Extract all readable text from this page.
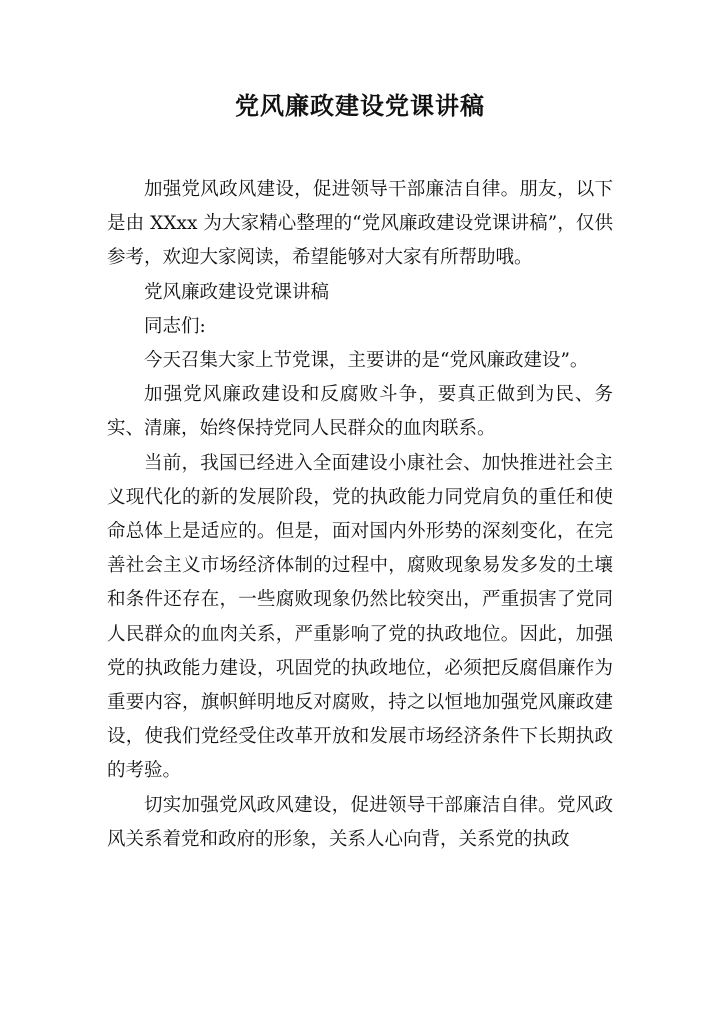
党风廉政建设党课讲稿

加强党风政风建设，促进领导干部廉洁自律。朋友，以下是由 XXxx 为大家精心整理的“党风廉政建设党课讲稿”，仅供参考，欢迎大家阅读，希望能够对大家有所帮助哦。

党风廉政建设党课讲稿

同志们:

今天召集大家上节党课，主要讲的是“党风廉政建设”。

加强党风廉政建设和反腐败斗争，要真正做到为民、务实、清廉，始终保持党同人民群众的血肉联系。

当前，我国已经进入全面建设小康社会、加快推进社会主义现代化的新的发展阶段，党的执政能力同党肩负的重任和使命总体上是适应的。但是，面对国内外形势的深刻变化，在完善社会主义市场经济体制的过程中，腐败现象易发多发的土壤和条件还存在，一些腐败现象仍然比较突出，严重损害了党同人民群众的血肉关系，严重影响了党的执政地位。因此，加强党的执政能力建设，巩固党的执政地位，必须把反腐倡廉作为重要内容，旗帜鲜明地反对腐败，持之以恒地加强党风廉政建设，使我们党经受住改革开放和发展市场经济条件下长期执政的考验。

切实加强党风政风建设，促进领导干部廉洁自律。党风政风关系着党和政府的形象，关系人心向背，关系党的执政
